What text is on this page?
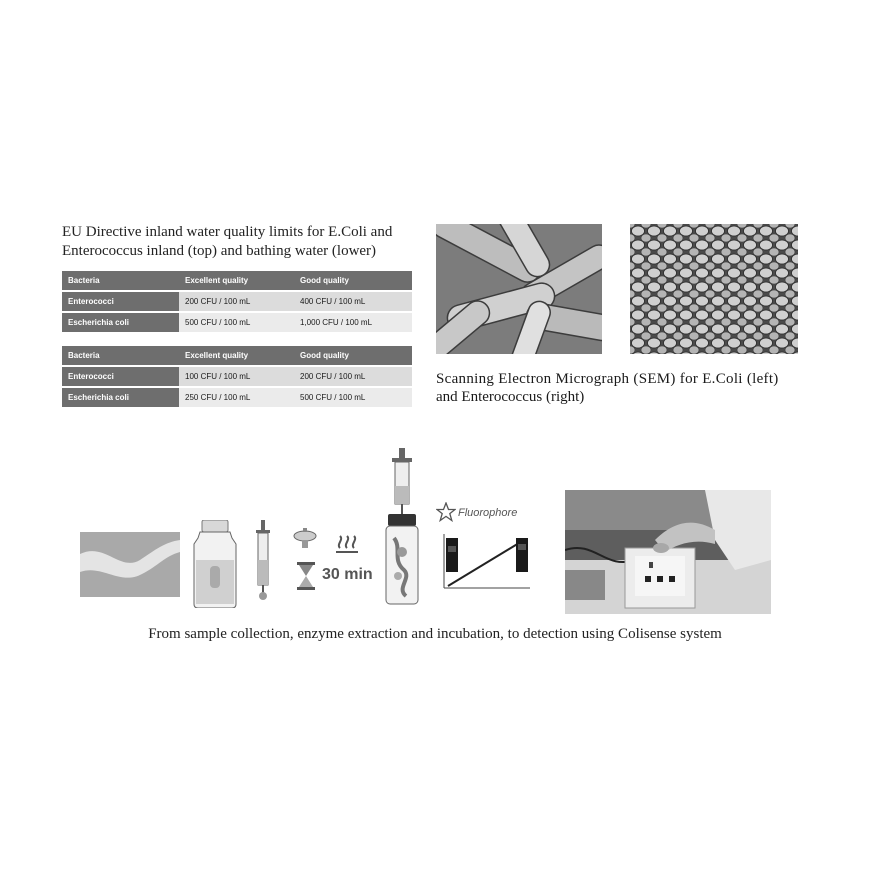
EU Directive inland water quality limits for E.Coli and
Enterococcus inland (top) and bathing water (lower)
Bacteria	Excellent quality	Good quality
Enterococci	200 CFU / 100 mL	400 CFU / 100 mL
Escherichia coli	500 CFU / 100 mL	1,000 CFU / 100 mL
Bacteria	Excellent quality	Good quality
Enterococci	100 CFU / 100 mL	200 CFU / 100 mL
Escherichia coli	250 CFU / 100 mL	500 CFU / 100 mL
Scanning Electron Micrograph (SEM) for E.Coli (left)
and Enterococcus (right)
30 min
Fluorophore
From sample collection, enzyme extraction and incubation, to detection using Colisense system
